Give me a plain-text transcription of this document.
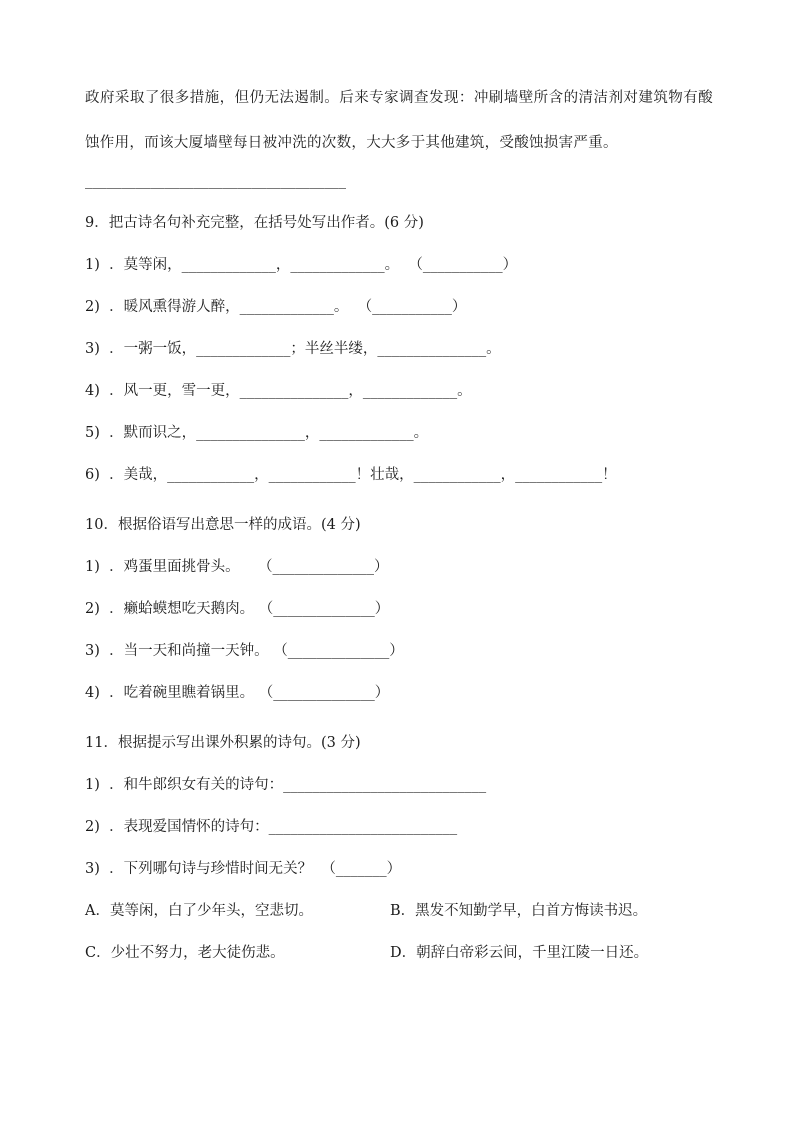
政府采取了很多措施，但仍无法遏制。后来专家调查发现：冲刷墙壁所含的清洁剂对建筑物有酸蚀作用，而该大厦墙壁每日被冲洗的次数，大大多于其他建筑，受酸蚀损害严重。

____________________________________
9．把古诗名句补充完整，在括号处写出作者。(6 分)
1)  ．莫等闲，_____________，_____________。  （___________）
2)  ．暖风熏得游人醉，_____________。  （___________）
3)  ．一粥一饭，_____________；半丝半缕，_______________。
4)  ．风一更，雪一更，_______________，_____________。
5)  ．默而识之，_______________，_____________。
6)  ．美哉，____________，____________！壮哉，____________，____________！
10．根据俗语写出意思一样的成语。(4 分)
1)  ．鸡蛋里面挑骨头。    （______________）
2)  ．癞蛤蟆想吃天鹅肉。 （______________）
3)  ．当一天和尚撞一天钟。 （______________）
4)  ．吃着碗里瞧着锅里。 （______________）
11．根据提示写出课外积累的诗句。(3 分)
1)  ．和牛郎织女有关的诗句：____________________________
2)  ．表现爱国情怀的诗句：__________________________
3)  ．下列哪句诗与珍惜时间无关？  （_______）
A．莫等闲，白了少年头，空悲切。	B．黑发不知勤学早，白首方悔读书迟。
C．少壮不努力，老大徒伤悲。	D．朝辞白帝彩云间，千里江陵一日还。
